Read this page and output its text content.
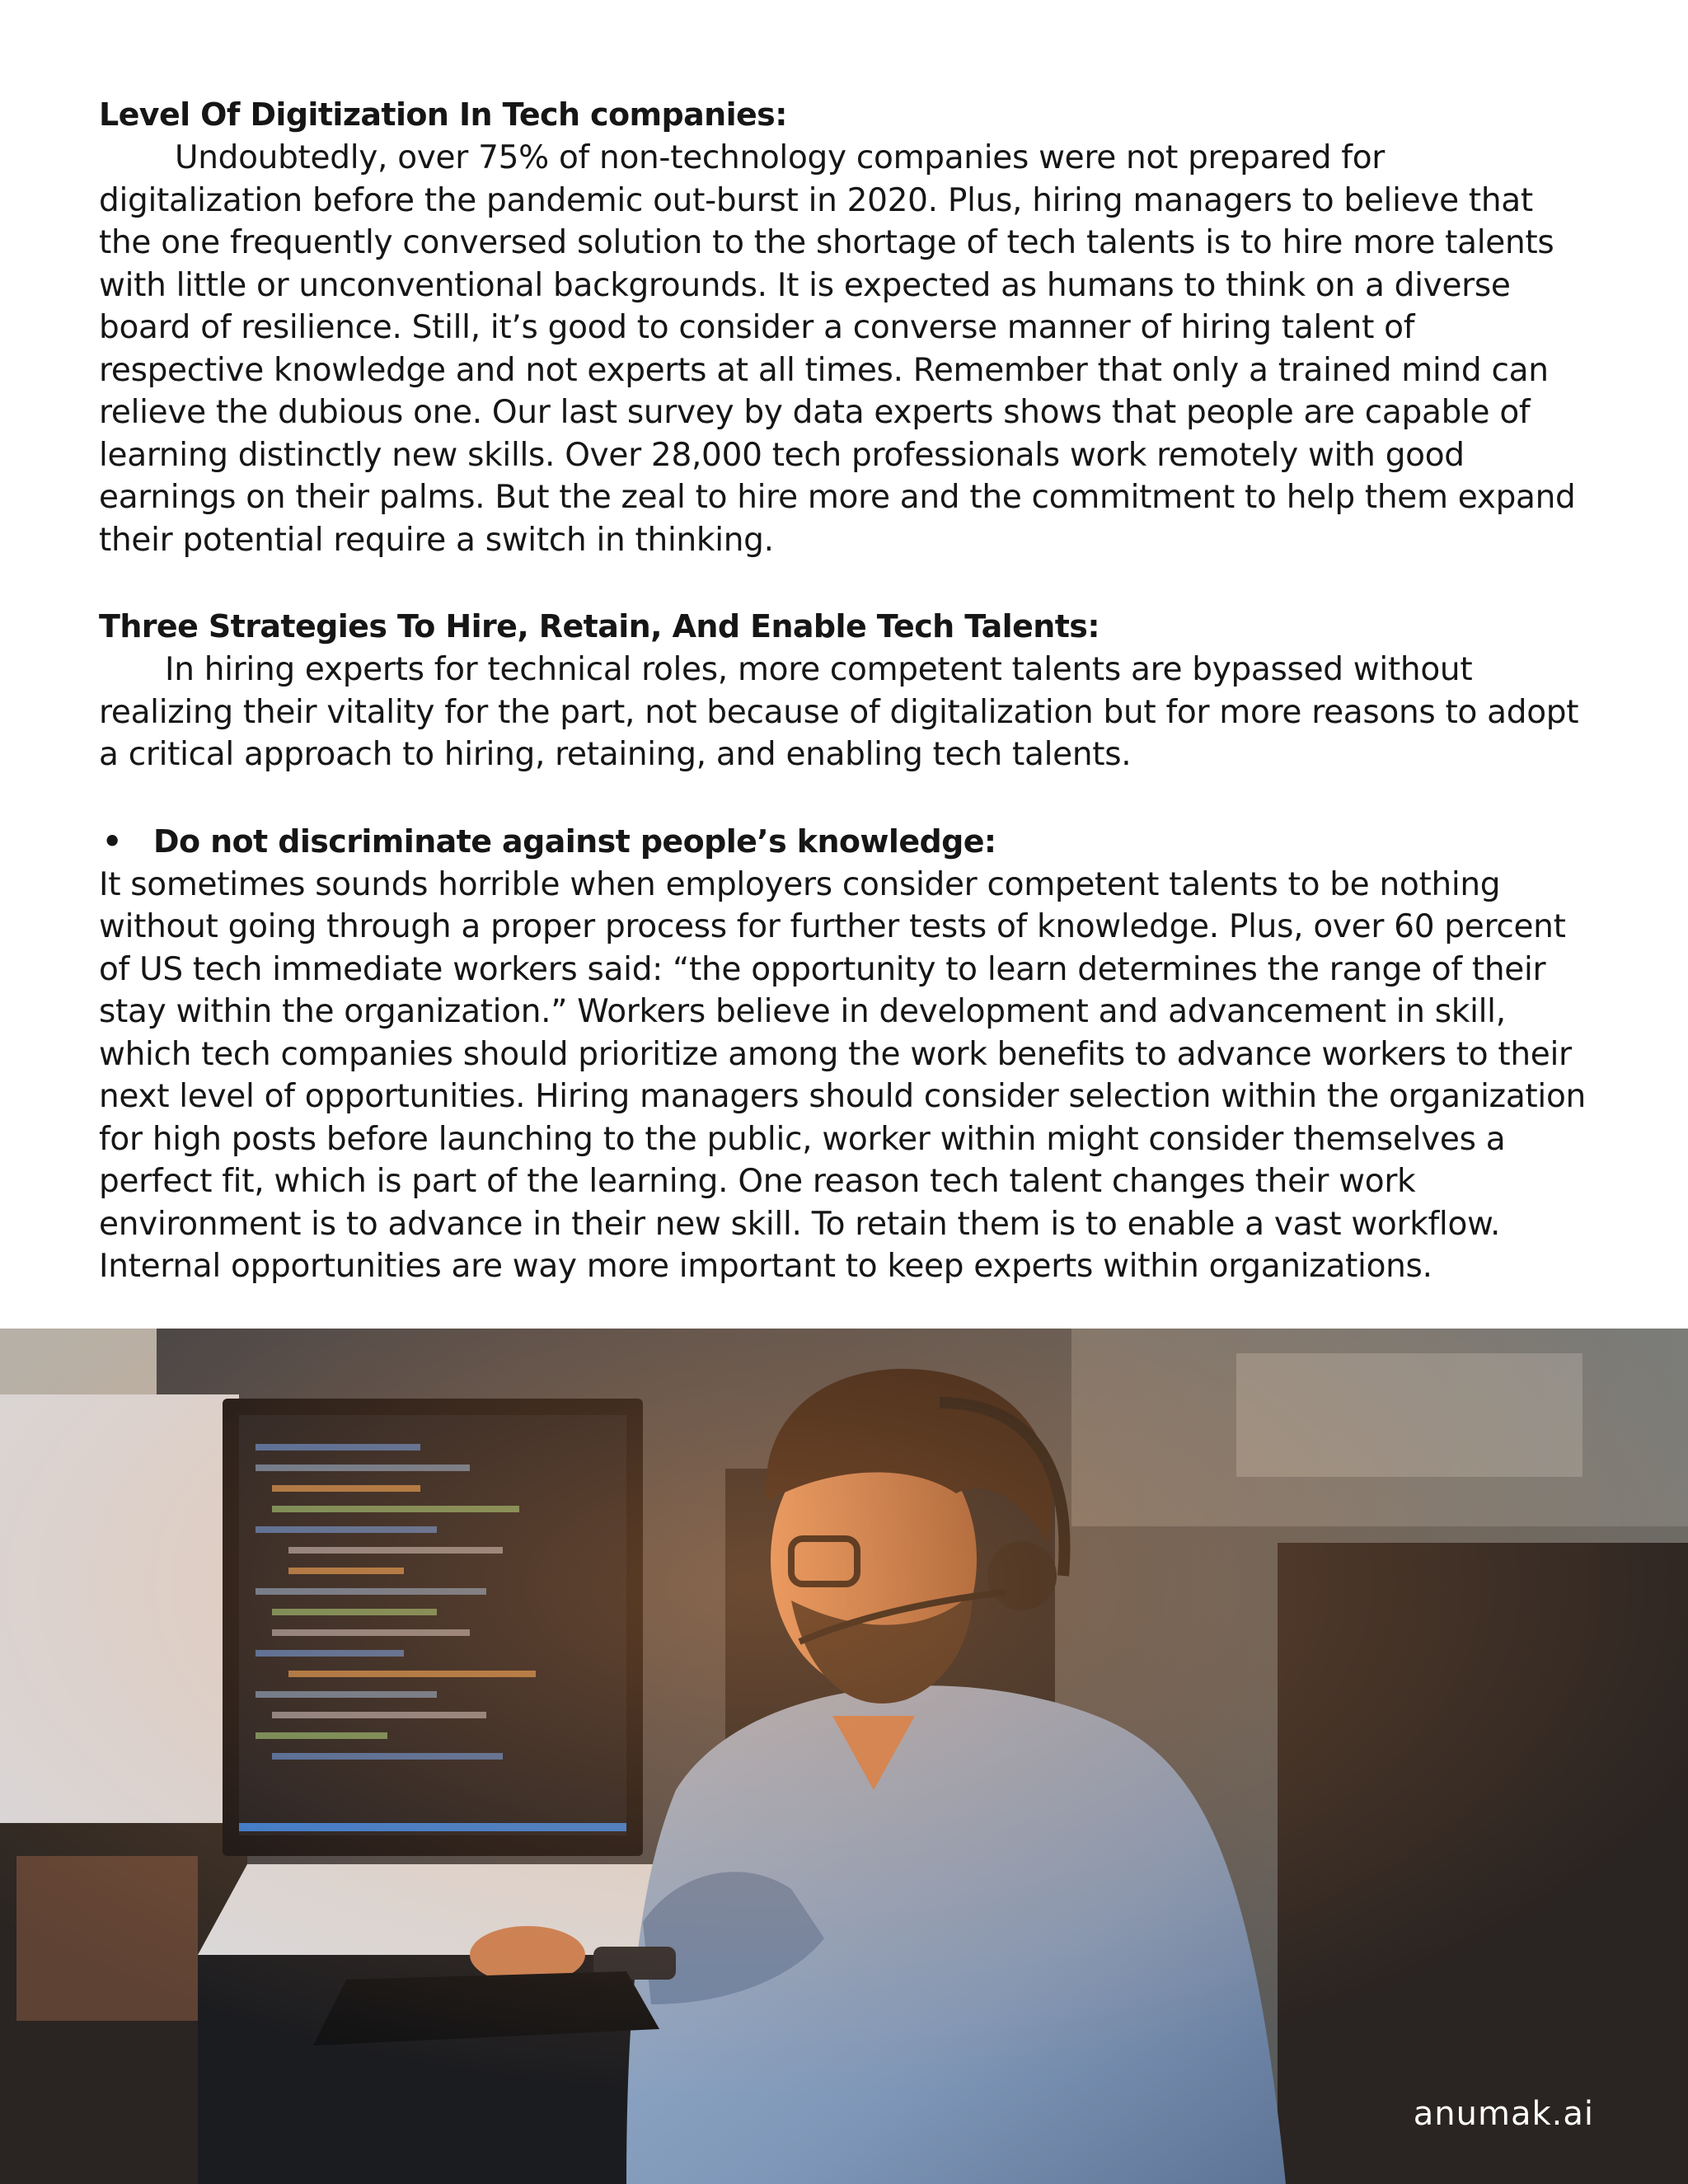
Level Of Digitization In Tech companies:

Undoubtedly, over 75% of non-technology companies were not prepared for digitalization before the pandemic out-burst in 2020. Plus, hiring managers to believe that the one frequently conversed solution to the shortage of tech talents is to hire more talents with little or unconventional backgrounds. It is expected as humans to think on a diverse board of resilience. Still, it’s good to consider a converse manner of hiring talent of respective knowledge and not experts at all times. Remember that only a trained mind can relieve the dubious one. Our last survey by data experts shows that people are capable of learning distinctly new skills. Over 28,000 tech professionals work remotely with good earnings on their palms. But the zeal to hire more and the commitment to help them expand their potential require a switch in thinking.

Three Strategies To Hire, Retain, And Enable Tech Talents:

In hiring experts for technical roles, more competent talents are bypassed without realizing their vitality for the part, not because of digitalization but for more reasons to adopt a critical approach to hiring, retaining, and enabling tech talents.

•	Do not discriminate against people’s knowledge:

It sometimes sounds horrible when employers consider competent talents to be nothing without going through a proper process for further tests of knowledge. Plus, over 60 percent of US tech immediate workers said: “the opportunity to learn determines the range of their stay within the organization.” Workers believe in development and advancement in skill, which tech companies should prioritize among the work benefits to advance workers to their next level of opportunities. Hiring managers should consider selection within the organization for high posts before launching to the public, worker within might consider themselves a perfect fit, which is part of the learning. One reason tech talent changes their work environment is to advance in their new skill. To retain them is to enable a vast workflow. Internal opportunities are way more important to keep experts within organizations.

anumak.ai
